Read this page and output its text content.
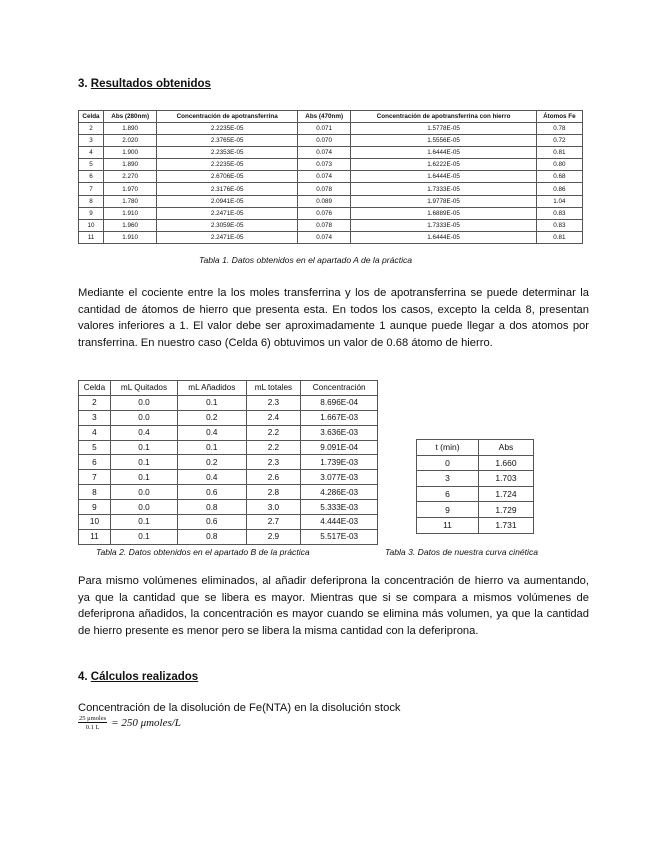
3. Resultados obtenidos
Celda	Abs (280nm)	Concentración de apotransferrina	Abs (470nm)	Concentración de apotransferrina con hierro	Átomos Fe
2	1.890	2.2235E-05	0.071	1.5778E-05	0.78
3	2.020	2.3765E-05	0.070	1.5556E-05	0.72
4	1.900	2.2353E-05	0.074	1.6444E-05	0.81
5	1.890	2.2235E-05	0.073	1.6222E-05	0.80
6	2.270	2.6706E-05	0.074	1.6444E-05	0.68
7	1.970	2.3176E-05	0.078	1.7333E-05	0.86
8	1.780	2.0941E-05	0.089	1.9778E-05	1.04
9	1.910	2.2471E-05	0.076	1.6889E-05	0.83
10	1.960	2.3059E-05	0.078	1.7333E-05	0.83
11	1.910	2.2471E-05	0.074	1.6444E-05	0.81
Tabla 1. Datos obtenidos en el apartado A de la práctica
Mediante el cociente entre la los moles transferrina y los de apotransferrina se puede determinar la cantidad de átomos de hierro que presenta esta. En todos los casos, excepto la celda 8, presentan valores inferiores a 1. El valor debe ser aproximadamente 1 aunque puede llegar a dos atomos por transferrina. En nuestro caso (Celda 6) obtuvimos un valor de 0.68 átomo de hierro.
Celda	mL Quitados	mL Añadidos	mL totales	Concentración
2	0.0	0.1	2.3	8.696E-04
3	0.0	0.2	2.4	1.667E-03
4	0.4	0.4	2.2	3.636E-03
5	0.1	0.1	2.2	9.091E-04
6	0.1	0.2	2.3	1.739E-03
7	0.1	0.4	2.6	3.077E-03
8	0.0	0.6	2.8	4.286E-03
9	0.0	0.8	3.0	5.333E-03
10	0.1	0.6	2.7	4.444E-03
11	0.1	0.8	2.9	5.517E-03
Tabla 2. Datos obtenidos en el apartado B de la práctica
t (min)	Abs
0	1.660
3	1.703
6	1.724
9	1.729
11	1.731
Tabla 3. Datos de nuestra curva cinética
Para mismo volúmenes eliminados, al añadir deferiprona la concentración de hierro va aumentando, ya que la cantidad que se libera es mayor. Mientras que si se compara a mismos volúmenes de deferiprona añadidos, la concentración es mayor cuando se elimina más volumen, ya que la cantidad de hierro presente es menor pero se libera la misma cantidad con la deferiprona.
4. Cálculos realizados
Concentración de la disolución de Fe(NTA) en la disolución stock
$\frac{\text{25 μmoles}}{0.1 L} = 250$ μmoles/L
